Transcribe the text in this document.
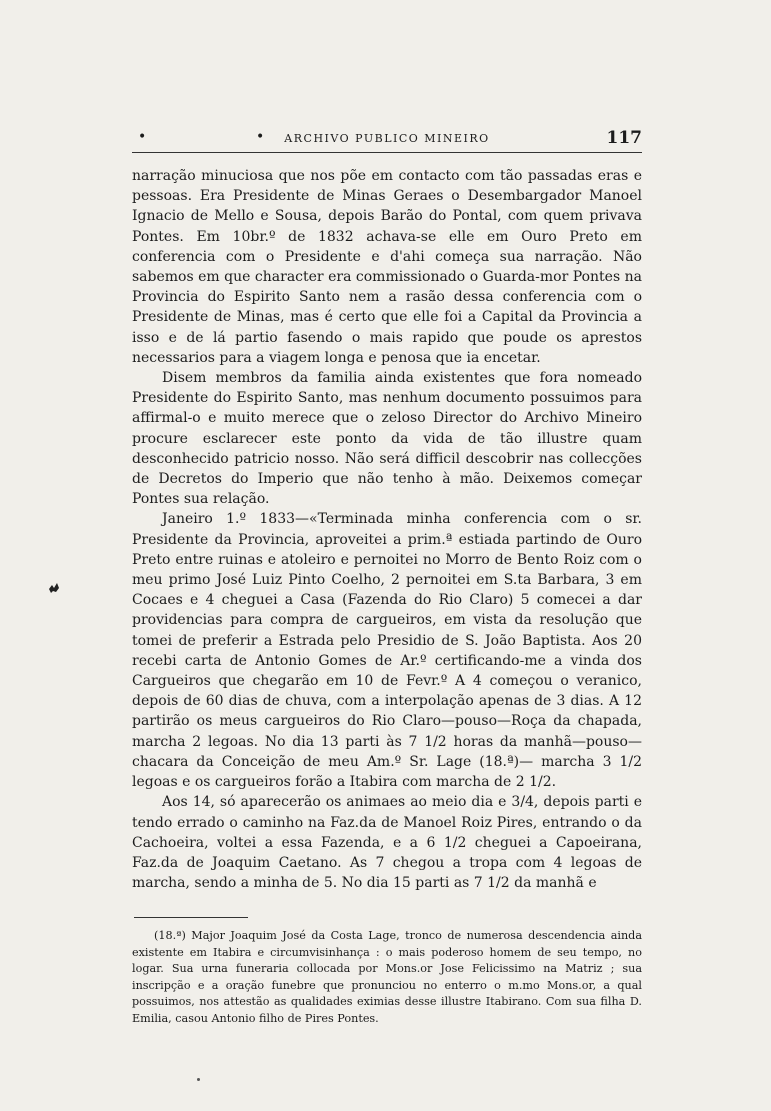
•	•	ARCHIVO PUBLICO MINEIRO	117

narração minuciosa que nos põe em contacto com tão passadas eras e pessoas. Era Presidente de Minas Geraes o Desembargador Manoel Ignacio de Mello e Sousa, depois Barão do Pontal, com quem privava Pontes. Em 10br.º de 1832 achava-se elle em Ouro Preto em conferencia com o Presidente e d'ahi começa sua narração. Não sabemos em que character era commissionado o Guarda-mor Pontes na Provincia do Espirito Santo nem a rasão dessa conferencia com o Presidente de Minas, mas é certo que elle foi a Capital da Provincia a isso e de lá partio fasendo o mais rapido que poude os aprestos necessarios para a viagem longa e penosa que ia encetar.

Disem membros da familia ainda existentes que fora nomeado Presidente do Espirito Santo, mas nenhum documento possuimos para affirmal-o e muito merece que o zeloso Director do Archivo Mineiro procure esclarecer este ponto da vida de tão illustre quam desconhecido patricio nosso. Não será difficil descobrir nas collecções de Decretos do Imperio que não tenho à mão. Deixemos começar Pontes sua relação.

Janeiro 1.º 1833—«Terminada minha conferencia com o sr. Presidente da Provincia, aproveitei a prim.ª estiada partindo de Ouro Preto entre ruinas e atoleiro e pernoitei no Morro de Bento Roiz com o meu primo José Luiz Pinto Coelho, 2 pernoitei em S.ta Barbara, 3 em Cocaes e 4 cheguei a Casa (Fazenda do Rio Claro) 5 comecei a dar providencias para compra de cargueiros, em vista da resolução que tomei de preferir a Estrada pelo Presidio de S. João Baptista. Aos 20 recebi carta de Antonio Gomes de Ar.º certificando-me a vinda dos Cargueiros que chegarão em 10 de Fevr.º A 4 começou o veranico, depois de 60 dias de chuva, com a interpolação apenas de 3 dias. A 12 partirão os meus cargueiros do Rio Claro—pouso—Roça da chapada, marcha 2 legoas. No dia 13 parti às 7 1/2 horas da manhã—pouso—chacara da Conceição de meu Am.º Sr. Lage (18.ª)— marcha 3 1/2 legoas e os cargueiros forão a Itabira com marcha de 2 1/2.

Aos 14, só aparecerão os animaes ao meio dia e 3/4, depois parti e tendo errado o caminho na Faz.da de Manoel Roiz Pires, entrando o da Cachoeira, voltei a essa Fazenda, e a 6 1/2 cheguei a Capoeirana, Faz.da de Joaquim Caetano. As 7 chegou a tropa com 4 legoas de marcha, sendo a minha de 5. No dia 15 parti as 7 1/2 da manhã e

(18.ª) Major Joaquim José da Costa Lage, tronco de numerosa descendencia ainda existente em Itabira e circumvisinhança : o mais poderoso homem de seu tempo, no logar. Sua urna funeraria collocada por Mons.or Jose Felicissimo na Matriz ; sua inscripção e a oração funebre que pronunciou no enterro o m.mo Mons.or, a qual possuimos, nos attestão as qualidades eximias desse illustre Itabirano. Com sua filha D. Emilia, casou Antonio filho de Pires Pontes.
